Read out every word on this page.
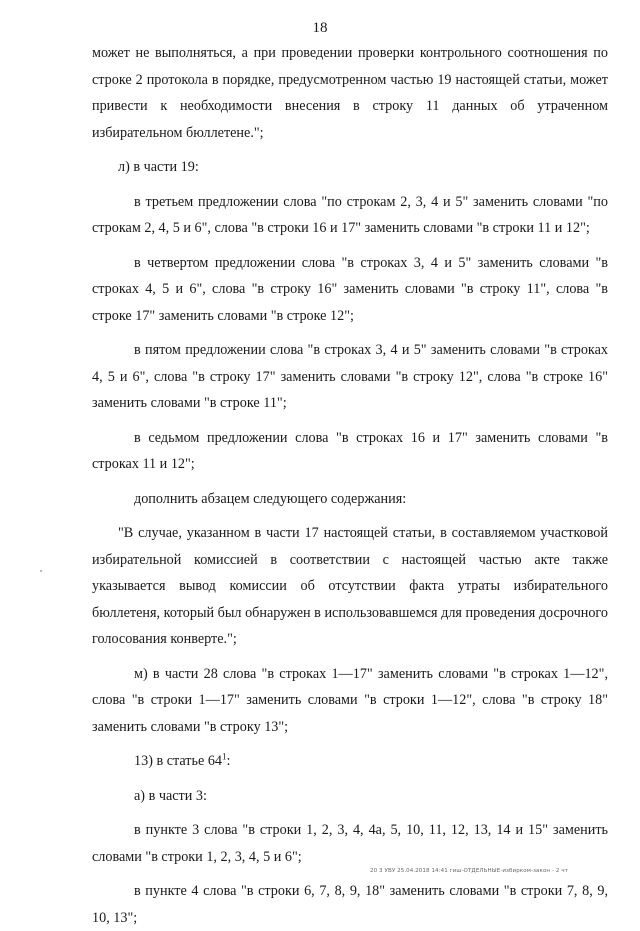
18

может не выполняться, а при проведении проверки контрольного соотношения по строке 2 протокола в порядке, предусмотренном частью 19 настоящей статьи, может привести к необходимости внесения в строку 11 данных об утраченном избирательном бюллетене.";

л) в части 19:

в третьем предложении слова "по строкам 2, 3, 4 и 5" заменить словами "по строкам 2, 4, 5 и 6", слова "в строки 16 и 17" заменить словами "в строки 11 и 12";

в четвертом предложении слова "в строках 3, 4 и 5" заменить словами "в строках 4, 5 и 6", слова "в строку 16" заменить словами "в строку 11", слова "в строке 17" заменить словами "в строке 12";

в пятом предложении слова "в строках 3, 4 и 5" заменить словами "в строках 4, 5 и 6", слова "в строку 17" заменить словами "в строку 12", слова "в строке 16" заменить словами "в строке 11";

в седьмом предложении слова "в строках 16 и 17" заменить словами "в строках 11 и 12";

дополнить абзацем следующего содержания:

"В случае, указанном в части 17 настоящей статьи, в составляемом участковой избирательной комиссией в соответствии с настоящей частью акте также указывается вывод комиссии об отсутствии факта утраты избирательного бюллетеня, который был обнаружен в использовавшемся для проведения досрочного голосования конверте.";

м) в части 28 слова "в строках 1—17" заменить словами "в строках 1—12", слова "в строки 1—17" заменить словами "в строки 1—12", слова "в строку 18" заменить словами "в строку 13";

13) в статье $64^1$:

а) в части 3:

в пункте 3 слова "в строки 1, 2, 3, 4, 4а, 5, 10, 11, 12, 13, 14 и 15" заменить словами "в строки 1, 2, 3, 4, 5 и 6";

в пункте 4 слова "в строки 6, 7, 8, 9, 18" заменить словами "в строки 7, 8, 9, 10, 13";

20 3 УВУ 25.04.2018 14:41 гиш-ОТДЕЛЬНЫЕ-избирком-закон - 2 чт
